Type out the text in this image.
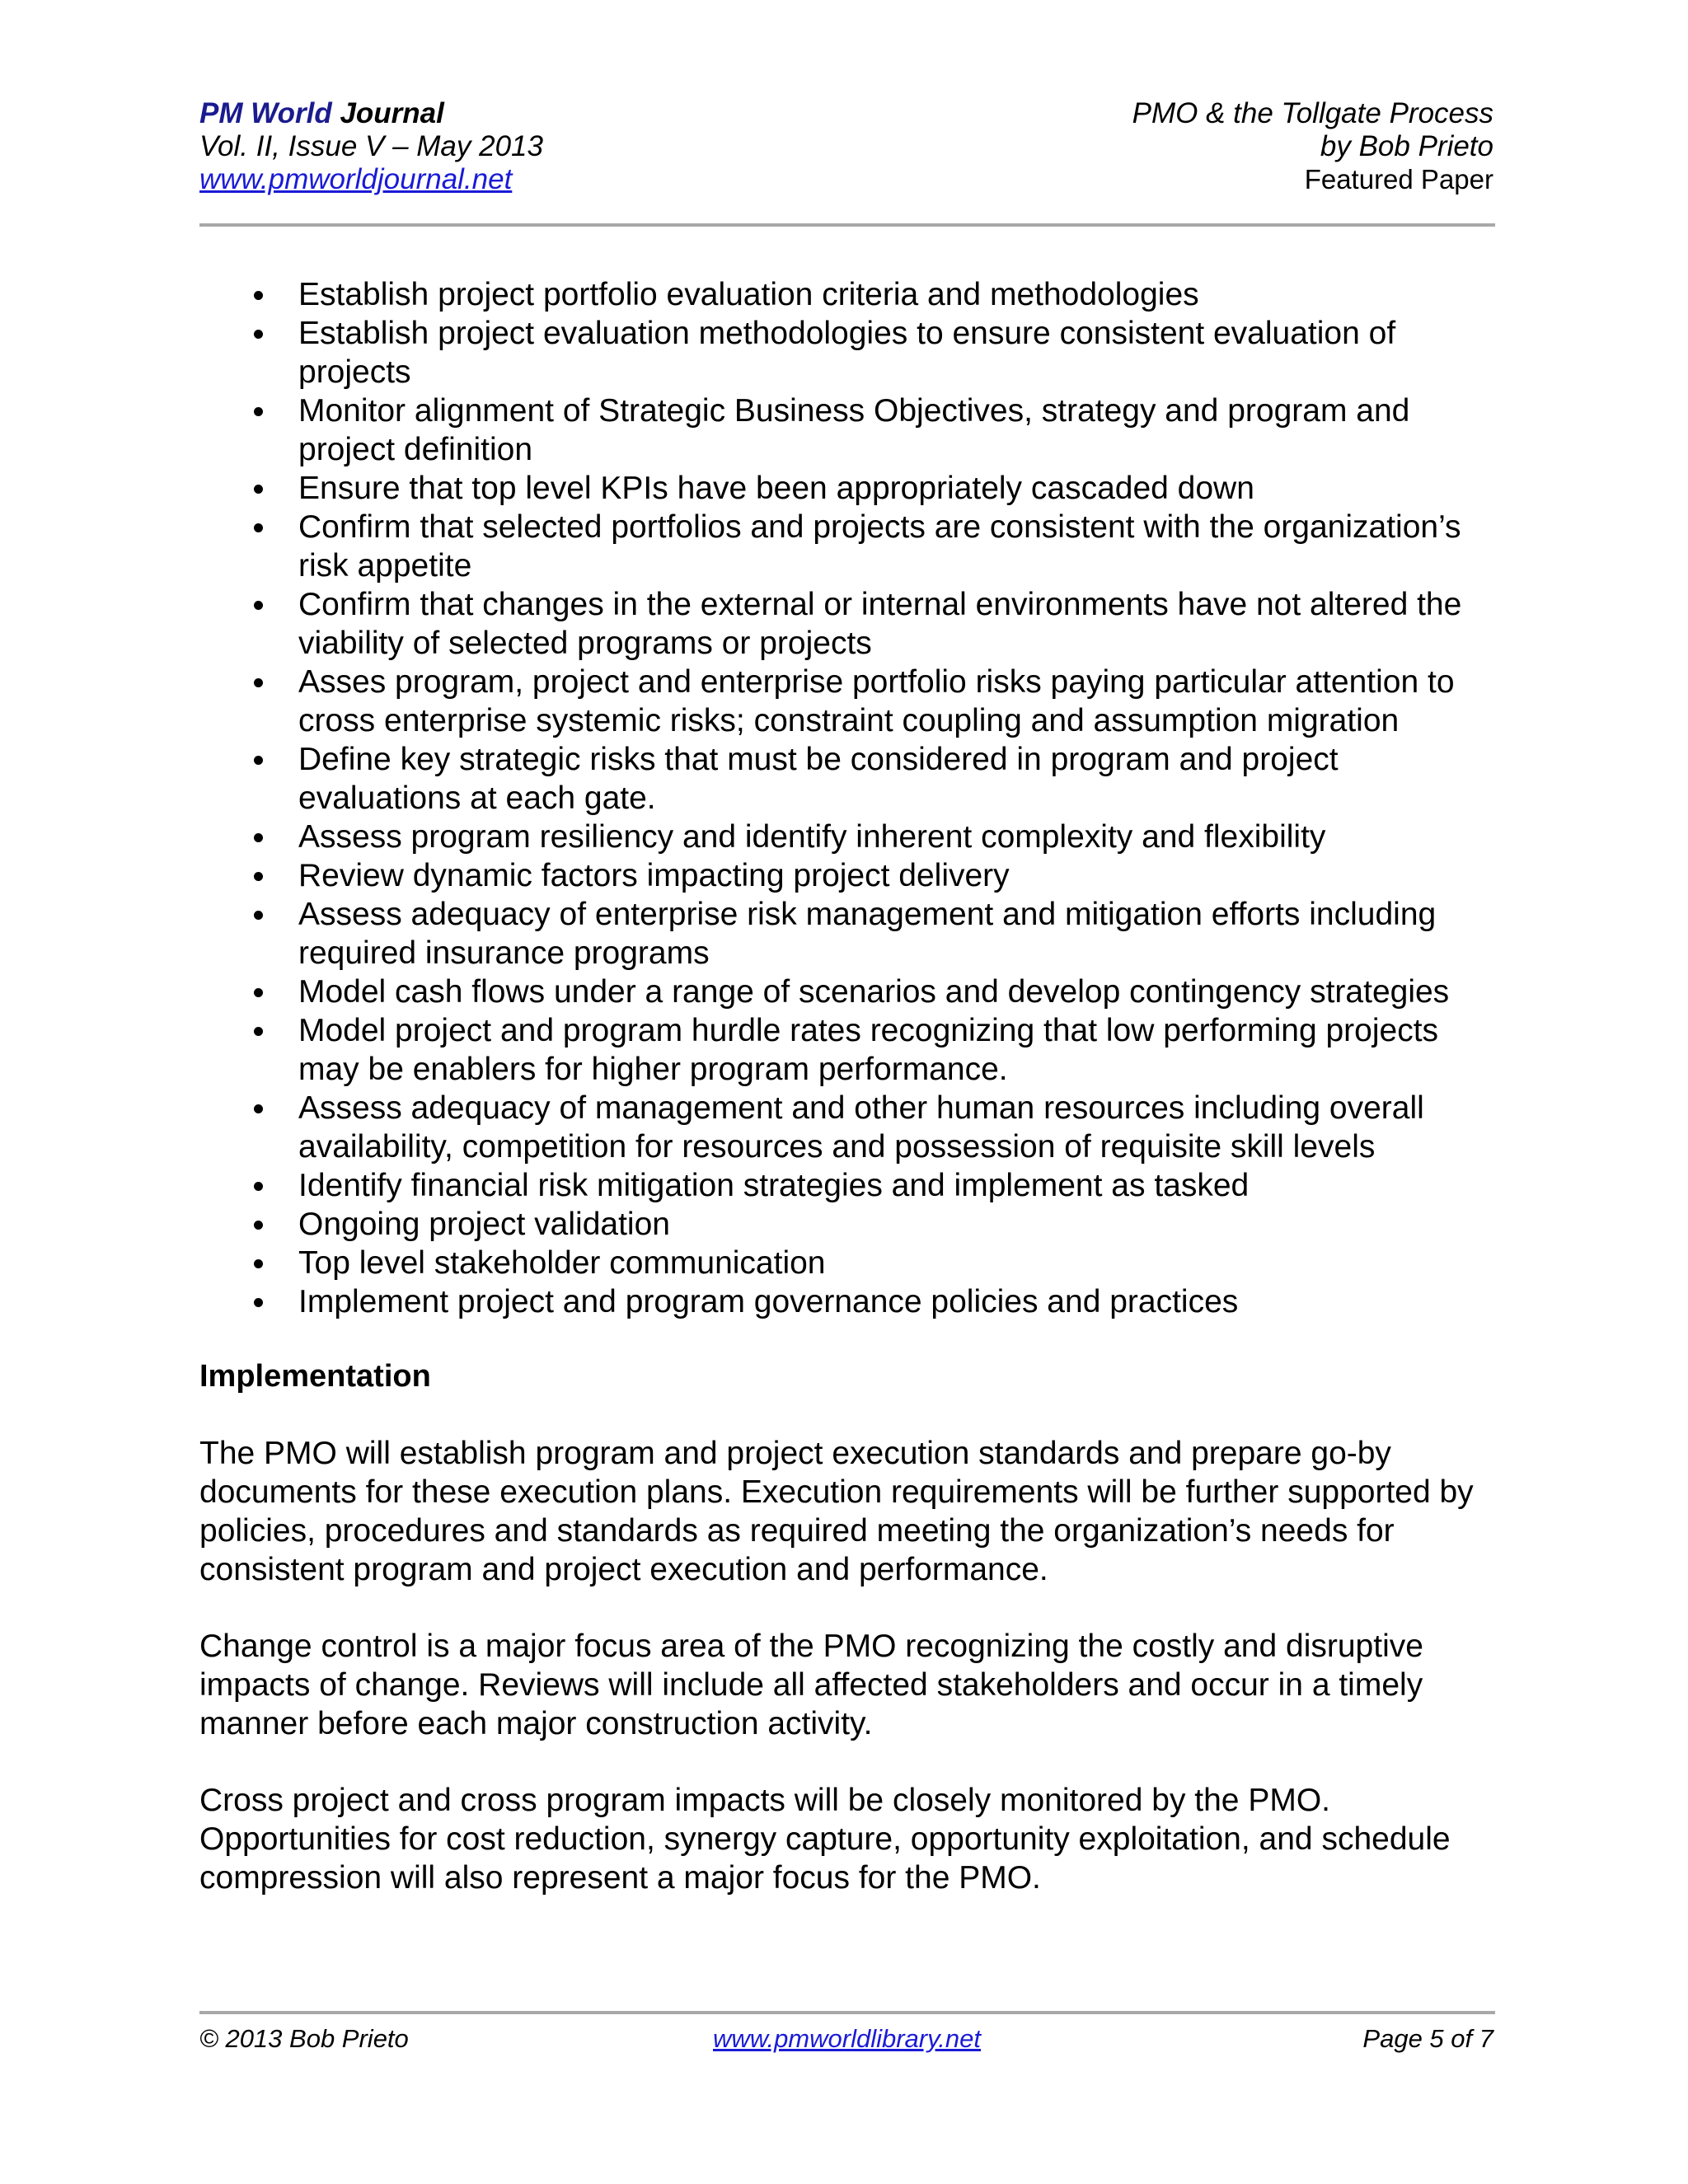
PM World Journal
Vol. II, Issue V – May 2013
www.pmworldjournal.net
PMO & the Tollgate Process
by Bob Prieto
Featured Paper
Establish project portfolio evaluation criteria and methodologies
Establish project evaluation methodologies to ensure consistent evaluation of projects
Monitor alignment of Strategic Business Objectives, strategy and program and project definition
Ensure that top level KPIs have been appropriately cascaded down
Confirm that selected portfolios and projects are consistent with the organization’s risk appetite
Confirm that changes in the external or internal environments have not altered the viability of selected programs or projects
Asses program, project and enterprise portfolio risks paying particular attention to cross enterprise systemic risks; constraint coupling and assumption migration
Define key strategic risks that must be considered in program and project evaluations at each gate.
Assess program resiliency and identify inherent complexity and flexibility
Review dynamic factors impacting project delivery
Assess adequacy of enterprise risk management and mitigation efforts including required insurance programs
Model cash flows under a range of scenarios and develop contingency strategies
Model project and program hurdle rates recognizing that low performing projects may be enablers for higher program performance.
Assess adequacy of management and other human resources including overall availability, competition for resources and possession of requisite skill levels
Identify financial risk mitigation strategies and implement as tasked
Ongoing project validation
Top level stakeholder communication
Implement project and program governance policies and practices
Implementation

The PMO will establish program and project execution standards and prepare go-by documents for these execution plans. Execution requirements will be further supported by policies, procedures and standards as required meeting the organization’s needs for consistent program and project execution and performance.

Change control is a major focus area of the PMO recognizing the costly and disruptive impacts of change. Reviews will include all affected stakeholders and occur in a timely manner before each major construction activity.

Cross project and cross program impacts will be closely monitored by the PMO. Opportunities for cost reduction, synergy capture, opportunity exploitation, and schedule compression will also represent a major focus for the PMO.

© 2013 Bob Prieto	www.pmworldlibrary.net	Page 5 of 7
